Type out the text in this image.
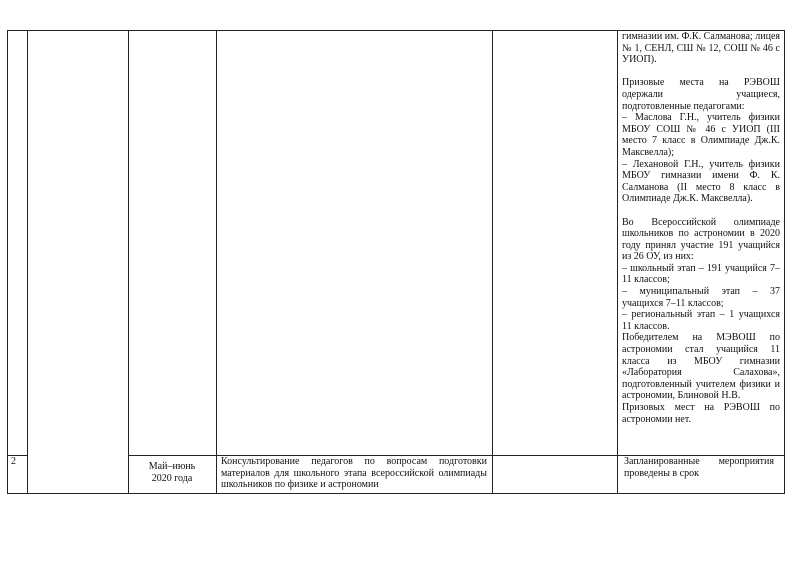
гимназии им. Ф.К. Салманова; лицея № 1, СЕНЛ, СШ № 12, СОШ № 46 с УИОП).

Призовые места на РЭВОШ одержали учащиеся, подготовленные педагогами:

– Маслова Г.Н., учитель физики МБОУ СОШ № 46 с УИОП (III место 7 класс в Олимпиаде Дж.К. Максвелла);

– Лехановой Г.Н., учитель физики МБОУ гимназии имени Ф. К. Салманова (II место 8 класс в Олимпиаде Дж.К. Максвелла).

Во Всероссийской олимпиаде школьников по астрономии в 2020 году принял участие 191 учащийся из 26 ОУ, из них:

– школьный этап – 191 учащийся 7–11 классов;

– муниципальный этап – 37 учащихся 7–11 классов;

– региональный этап – 1 учащихся 11 классов.

Победителем на МЭВОШ по астрономии стал учащийся 11 класса из МБОУ гимназии «Лаборатория Салахова», подготовленный учителем физики и астрономии, Блиновой Н.В.

Призовых мест на РЭВОШ по астрономии нет.

2	Май–июнь 2020 года
Консультирование педагогов по вопросам подготовки материалов для школьного этапа всероссийской олимпиады школьников по физике и астрономии
Запланированные мероприятия проведены в срок
